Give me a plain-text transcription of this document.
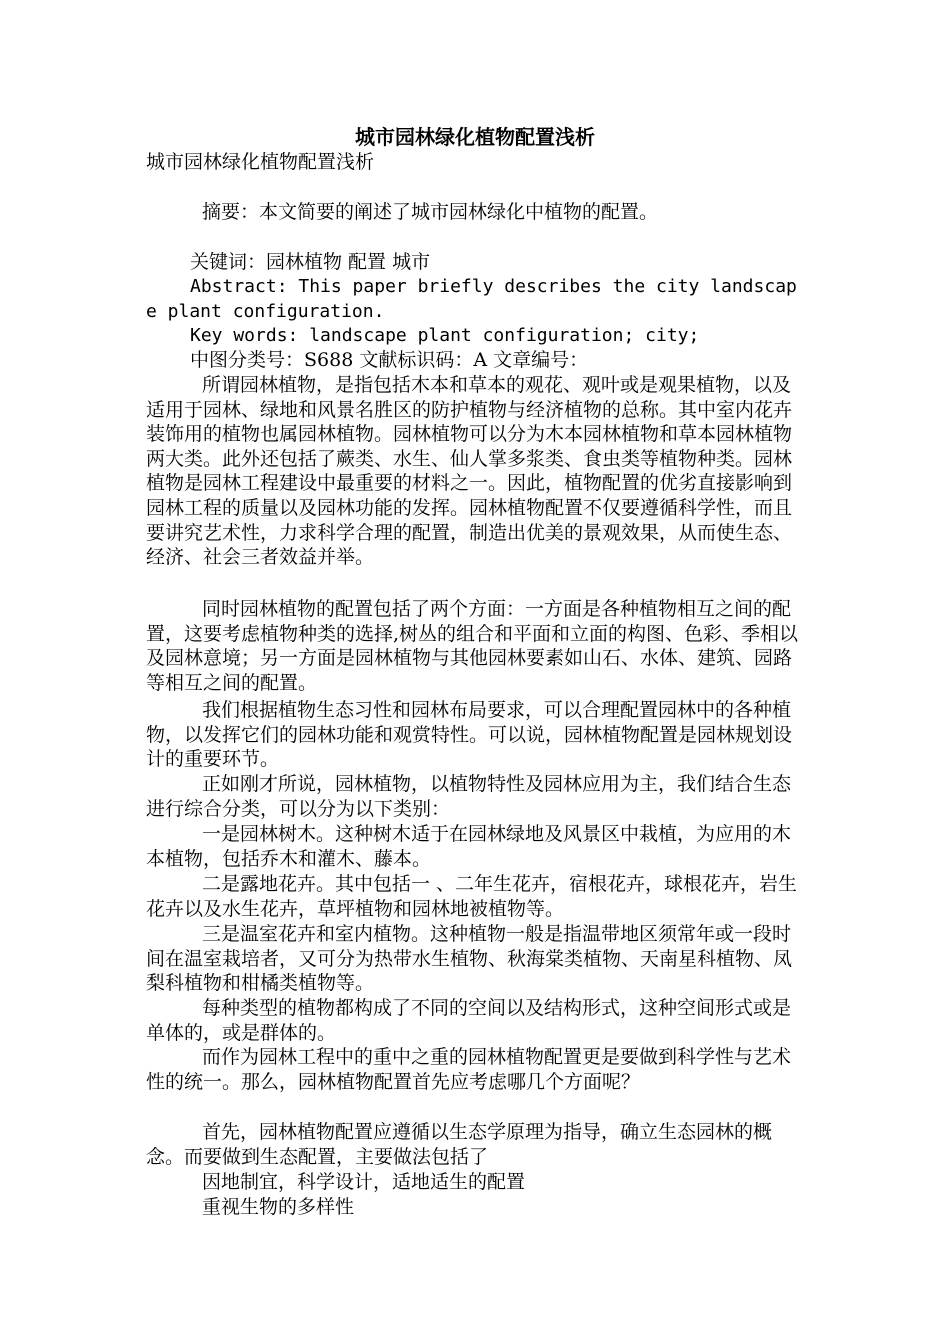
城市园林绿化植物配置浅析
城市园林绿化植物配置浅析
摘要：本文简要的阐述了城市园林绿化中植物的配置。
关键词：园林植物 配置 城市
Abstract: This paper briefly describes the city landscape plant configuration.
Key words: landscape plant configuration; city;
中图分类号：S688 文献标识码：A 文章编号：
所谓园林植物，是指包括木本和草本的观花、观叶或是观果植物，以及适用于园林、绿地和风景名胜区的防护植物与经济植物的总称。其中室内花卉装饰用的植物也属园林植物。园林植物可以分为木本园林植物和草本园林植物两大类。此外还包括了蕨类、水生、仙人掌多浆类、食虫类等植物种类。园林植物是园林工程建设中最重要的材料之一。因此，植物配置的优劣直接影响到园林工程的质量以及园林功能的发挥。园林植物配置不仅要遵循科学性，而且要讲究艺术性，力求科学合理的配置，制造出优美的景观效果，从而使生态、经济、社会三者效益并举。
同时园林植物的配置包括了两个方面：一方面是各种植物相互之间的配置，这要考虑植物种类的选择,树丛的组合和平面和立面的构图、色彩、季相以及园林意境；另一方面是园林植物与其他园林要素如山石、水体、建筑、园路等相互之间的配置。
我们根据植物生态习性和园林布局要求，可以合理配置园林中的各种植物，以发挥它们的园林功能和观赏特性。可以说，园林植物配置是园林规划设计的重要环节。
正如刚才所说，园林植物，以植物特性及园林应用为主，我们结合生态进行综合分类，可以分为以下类别：
一是园林树木。这种树木适于在园林绿地及风景区中栽植，为应用的木本植物，包括乔木和灌木、藤本。
二是露地花卉。其中包括一 、二年生花卉，宿根花卉，球根花卉，岩生花卉以及水生花卉，草坪植物和园林地被植物等。
三是温室花卉和室内植物。这种植物一般是指温带地区须常年或一段时间在温室栽培者，又可分为热带水生植物、秋海棠类植物、天南星科植物、凤梨科植物和柑橘类植物等。
每种类型的植物都构成了不同的空间以及结构形式，这种空间形式或是单体的，或是群体的。
而作为园林工程中的重中之重的园林植物配置更是要做到科学性与艺术性的统一。那么，园林植物配置首先应考虑哪几个方面呢？
首先，园林植物配置应遵循以生态学原理为指导，确立生态园林的概念。而要做到生态配置，主要做法包括了
因地制宜，科学设计，适地适生的配置
重视生物的多样性
